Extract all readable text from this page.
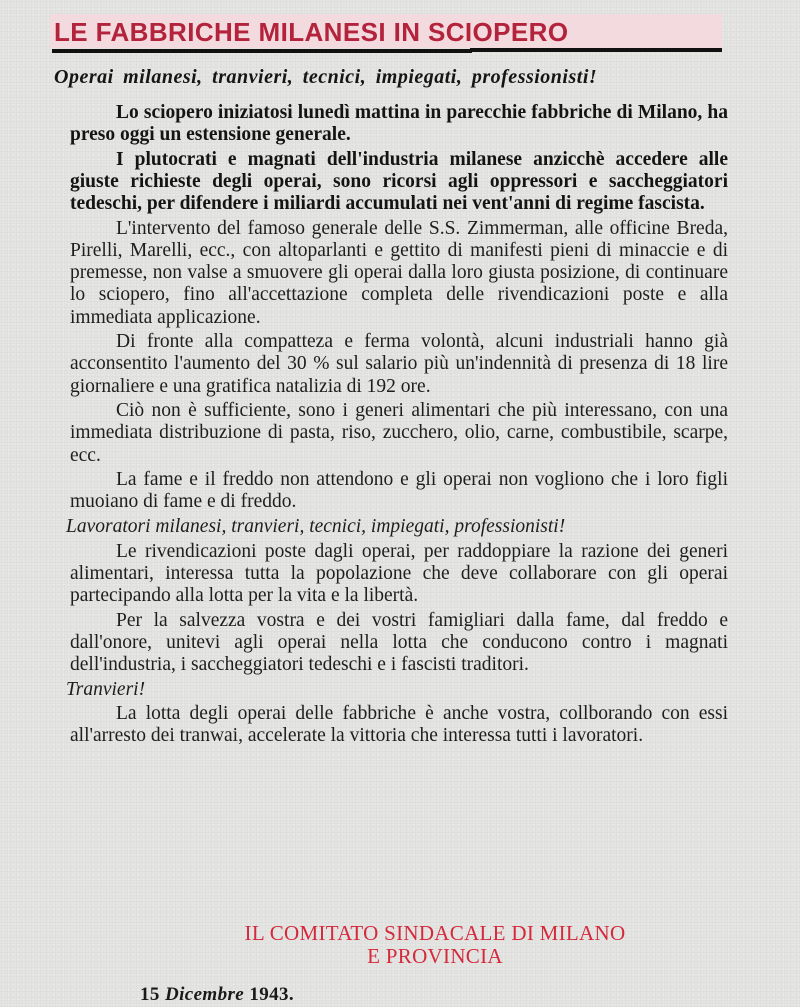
LE FABBRICHE MILANESI IN SCIOPERO
Operai milanesi, tranvieri, tecnici, impiegati, professionisti!

Lo sciopero iniziatosi lunedì mattina in parecchie fabbriche di Milano, ha preso oggi un estensione generale.

I plutocrati e magnati dell'industria milanese anzicchè accedere alle giuste richieste degli operai, sono ricorsi agli oppressori e saccheggiatori tedeschi, per difendere i miliardi accumulati nei vent'anni di regime fascista.

L'intervento del famoso generale delle S.S. Zimmerman, alle officine Breda, Pirelli, Marelli, ecc., con altoparlanti e gettito di manifesti pieni di minaccie e di premesse, non valse a smuovere gli operai dalla loro giusta posizione, di continuare lo sciopero, fino all'accettazione completa delle rivendicazioni poste e alla immediata applicazione.

Di fronte alla compatteza e ferma volontà, alcuni industriali hanno già acconsentito l'aumento del 30 % sul salario più un'indennità di presenza di 18 lire giornaliere e una gratifica natalizia di 192 ore.

Ciò non è sufficiente, sono i generi alimentari che più interessano, con una immediata distribuzione di pasta, riso, zucchero, olio, carne, combustibile, scarpe, ecc.

La fame e il freddo non attendono e gli operai non vogliono che i loro figli muoiano di fame e di freddo.

Lavoratori milanesi, tranvieri, tecnici, impiegati, professionisti!

Le rivendicazioni poste dagli operai, per raddoppiare la razione dei generi alimentari, interessa tutta la popolazione che deve collaborare con gli operai partecipando alla lotta per la vita e la libertà.

Per la salvezza vostra e dei vostri famigliari dalla fame, dal freddo e dall'onore, unitevi agli operai nella lotta che conducono contro i magnati dell'industria, i saccheggiatori tedeschi e i fascisti traditori.

Tranvieri!

La lotta degli operai delle fabbriche è anche vostra, collborando con essi all'arresto dei tranwai, accelerate la vittoria che interessa tutti i lavoratori.

IL COMITATO SINDACALE DI MILANO
E PROVINCIA
15 Dicembre 1943.
